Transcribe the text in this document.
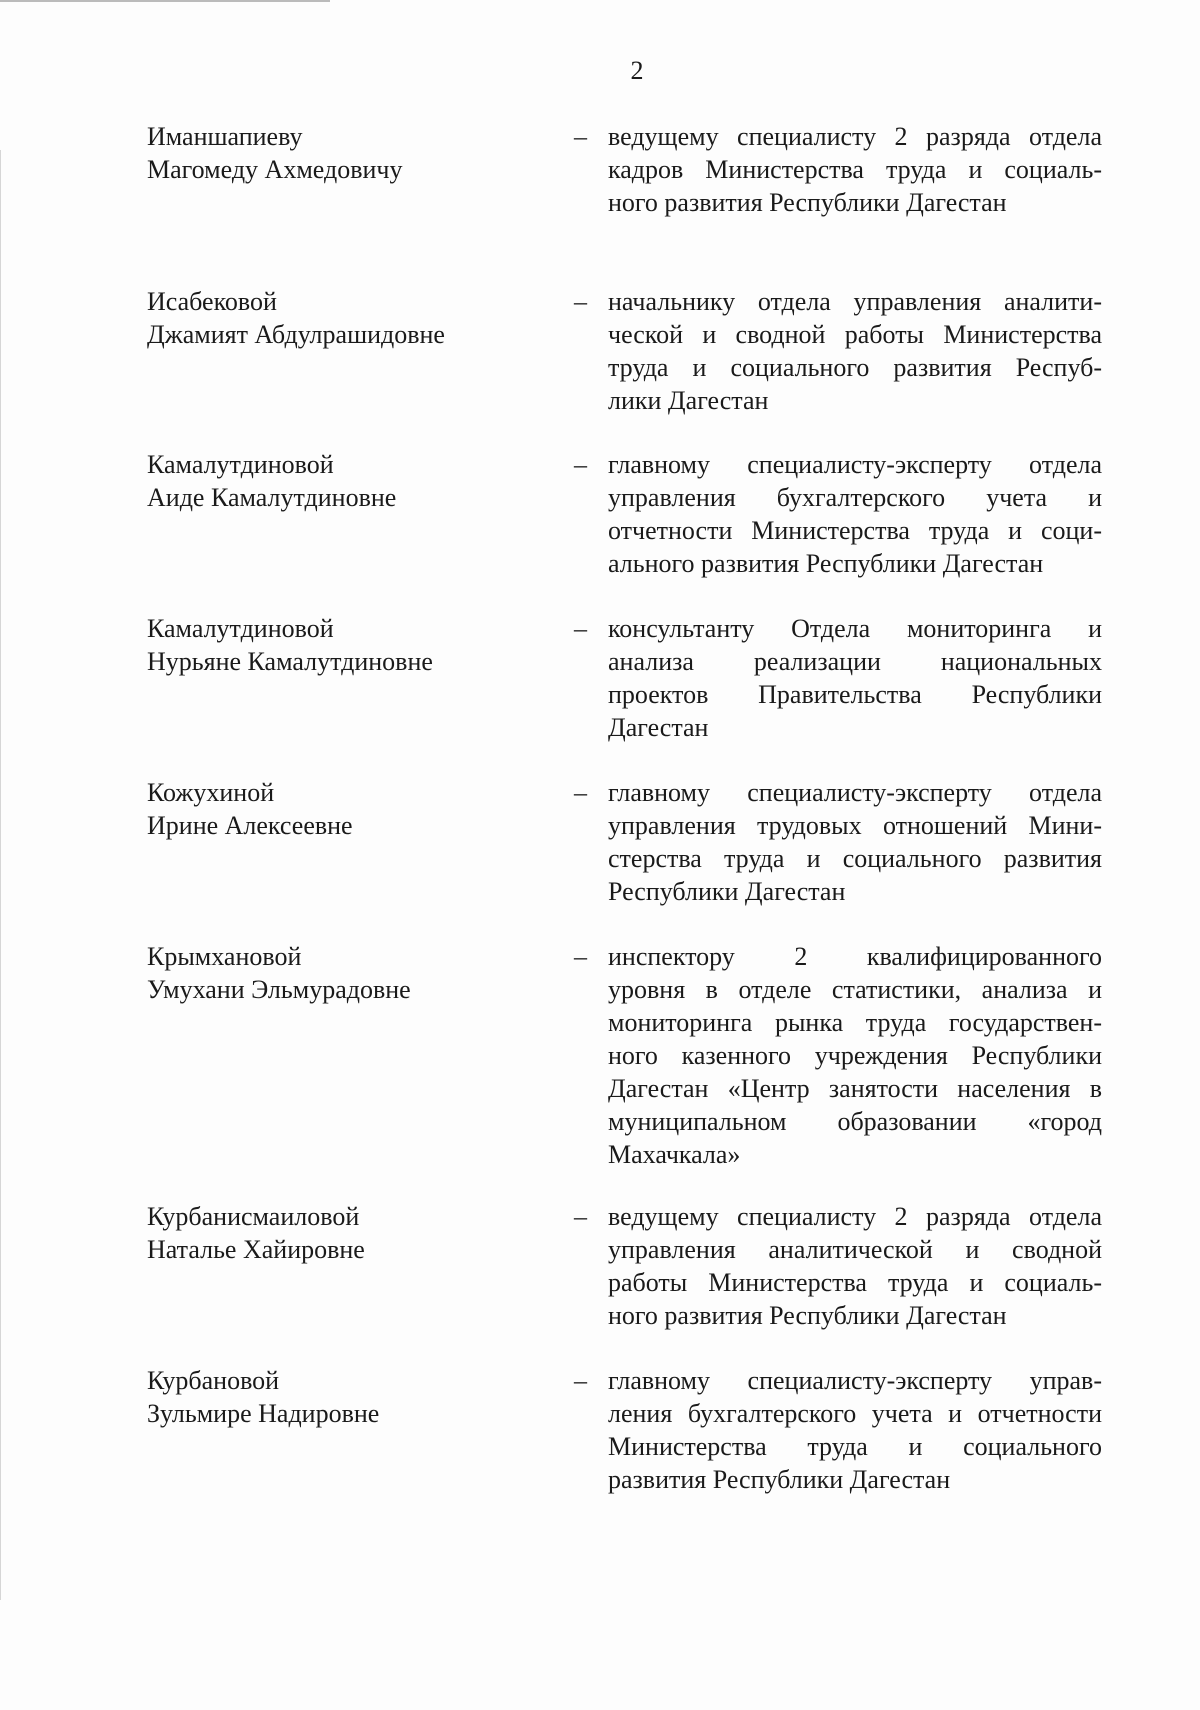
2
Иманшапиеву
Магомеду Ахмедовичу
– ведущему специалисту 2 разряда отдела
кадров Министерства труда и социаль-
ного развития Республики Дагестан
Исабековой
Джамият Абдулрашидовне
– начальнику отдела управления аналити-
ческой и сводной работы Министерства
труда и социального развития Респуб-
лики Дагестан
Камалутдиновой
Аиде Камалутдиновне
– главному специалисту-эксперту отдела
управления бухгалтерского учета и
отчетности Министерства труда и соци-
ального развития Республики Дагестан
Камалутдиновой
Нурьяне Камалутдиновне
– консультанту Отдела мониторинга и
анализа реализации национальных
проектов Правительства Республики
Дагестан
Кожухиной
Ирине Алексеевне
– главному специалисту-эксперту отдела
управления трудовых отношений Мини-
стерства труда и социального развития
Республики Дагестан
Крымхановой
Умухани Эльмурадовне
– инспектору 2 квалифицированного
уровня в отделе статистики, анализа и
мониторинга рынка труда государствен-
ного казенного учреждения Республики
Дагестан «Центр занятости населения в
муниципальном образовании «город
Махачкала»
Курбанисмаиловой
Наталье Хайировне
– ведущему специалисту 2 разряда отдела
управления аналитической и сводной
работы Министерства труда и социаль-
ного развития Республики Дагестан
Курбановой
Зульмире Надировне
– главному специалисту-эксперту управ-
ления бухгалтерского учета и отчетности
Министерства труда и социального
развития Республики Дагестан
